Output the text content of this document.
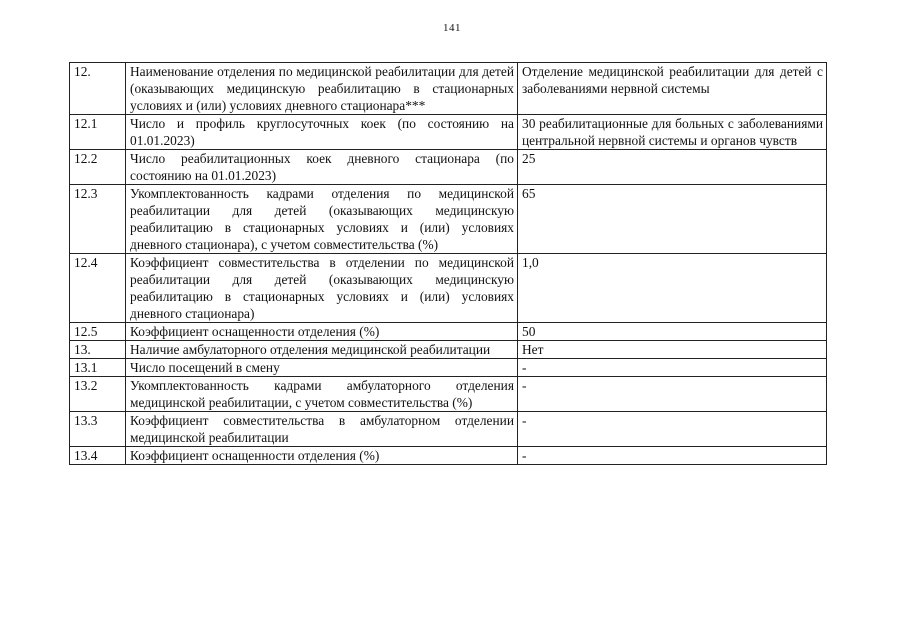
141
12.	Наименование отделения по медицинской реабилитации для детей (оказывающих медицинскую реабилитацию в стационарных условиях и (или) условиях дневного стационара***	Отделение медицинской реабилитации для детей с заболеваниями нервной системы
12.1	Число и профиль круглосуточных коек (по состоянию на 01.01.2023)	30 реабилитационные для больных с заболеваниями центральной нервной системы и органов чувств
12.2	Число реабилитационных коек дневного стационара (по состоянию на 01.01.2023)	25
12.3	Укомплектованность кадрами отделения по медицинской реабилитации для детей (оказывающих медицинскую реабилитацию в стационарных условиях и (или) условиях дневного стационара), с учетом совместительства (%)	65
12.4	Коэффициент совместительства в отделении по медицинской реабилитации для детей (оказывающих медицинскую реабилитацию в стационарных условиях и (или) условиях дневного стационара)	1,0
12.5	Коэффициент оснащенности отделения (%)	50
13.	Наличие амбулаторного отделения медицинской реабилитации	Нет
13.1	Число посещений в смену	-
13.2	Укомплектованность кадрами амбулаторного отделения медицинской реабилитации, с учетом совместительства (%)	-
13.3	Коэффициент совместительства в амбулаторном отделении медицинской реабилитации	-
13.4	Коэффициент оснащенности отделения (%)	-
